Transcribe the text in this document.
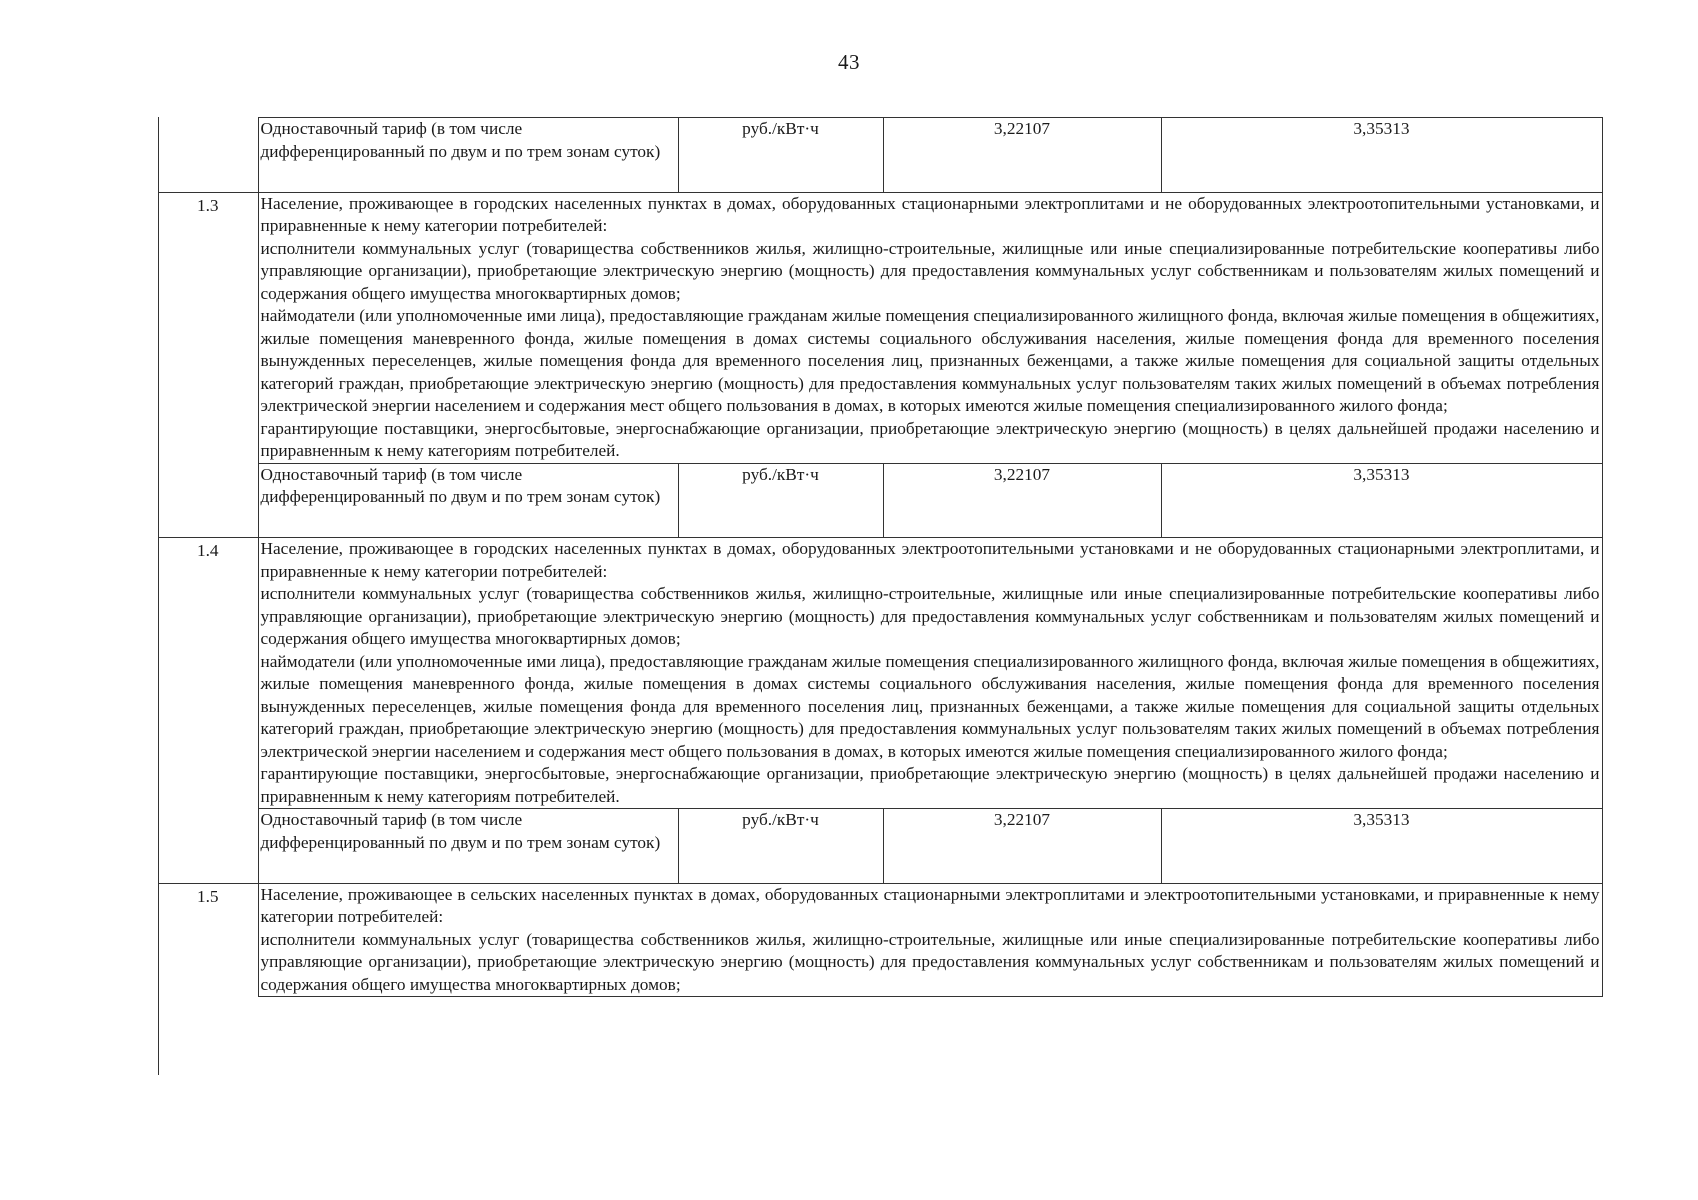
43
	Одноставочный тариф (в том числе дифференцированный по двум и по трем зонам суток)	руб./кВт·ч	3,22107	3,35313
1.3	Население, проживающее в городских населенных пунктах в домах, оборудованных стационарными электроплитами и не оборудованных электроотопительными установками, и приравненные к нему категории потребителей:

исполнители коммунальных услуг (товарищества собственников жилья, жилищно-строительные, жилищные или иные специализированные потребительские кооперативы либо управляющие организации), приобретающие электрическую энергию (мощность) для предоставления коммунальных услуг собственникам и пользователям жилых помещений и содержания общего имущества многоквартирных домов;

наймодатели (или уполномоченные ими лица), предоставляющие гражданам жилые помещения специализированного жилищного фонда, включая жилые помещения в общежитиях, жилые помещения маневренного фонда, жилые помещения в домах системы социального обслуживания населения, жилые помещения фонда для временного поселения вынужденных переселенцев, жилые помещения фонда для временного поселения лиц, признанных беженцами, а также жилые помещения для социальной защиты отдельных категорий граждан, приобретающие электрическую энергию (мощность) для предоставления коммунальных услуг пользователям таких жилых помещений в объемах потребления электрической энергии населением и содержания мест общего пользования в домах, в которых имеются жилые помещения специализированного жилого фонда;

гарантирующие поставщики, энергосбытовые, энергоснабжающие организации, приобретающие электрическую энергию (мощность) в целях дальнейшей продажи населению и приравненным к нему категориям потребителей.			

	Одноставочный тариф (в том числе дифференцированный по двум и по трем зонам суток)	руб./кВт·ч	3,22107	3,35313
1.4	Население, проживающее в городских населенных пунктах в домах, оборудованных электроотопительными установками и не оборудованных стационарными электроплитами, и приравненные к нему категории потребителей:

исполнители коммунальных услуг (товарищества собственников жилья, жилищно-строительные, жилищные или иные специализированные потребительские кооперативы либо управляющие организации), приобретающие электрическую энергию (мощность) для предоставления коммунальных услуг собственникам и пользователям жилых помещений и содержания общего имущества многоквартирных домов;

наймодатели (или уполномоченные ими лица), предоставляющие гражданам жилые помещения специализированного жилищного фонда, включая жилые помещения в общежитиях, жилые помещения маневренного фонда, жилые помещения в домах системы социального обслуживания населения, жилые помещения фонда для временного поселения вынужденных переселенцев, жилые помещения фонда для временного поселения лиц, признанных беженцами, а также жилые помещения для социальной защиты отдельных категорий граждан, приобретающие электрическую энергию (мощность) для предоставления коммунальных услуг пользователям таких жилых помещений в объемах потребления электрической энергии населением и содержания мест общего пользования в домах, в которых имеются жилые помещения специализированного жилого фонда;

гарантирующие поставщики, энергосбытовые, энергоснабжающие организации, приобретающие электрическую энергию (мощность) в целях дальнейшей продажи населению и приравненным к нему категориям потребителей.			

	Одноставочный тариф (в том числе дифференцированный по двум и по трем зонам суток)	руб./кВт·ч	3,22107	3,35313
1.5	Население, проживающее в сельских населенных пунктах в домах, оборудованных стационарными электроплитами и электроотопительными установками, и приравненные к нему категории потребителей:

исполнители коммунальных услуг (товарищества собственников жилья, жилищно-строительные, жилищные или иные специализированные потребительские кооперативы либо управляющие организации), приобретающие электрическую энергию (мощность) для предоставления коммунальных услуг собственникам и пользователям жилых помещений и содержания общего имущества многоквартирных домов;			
